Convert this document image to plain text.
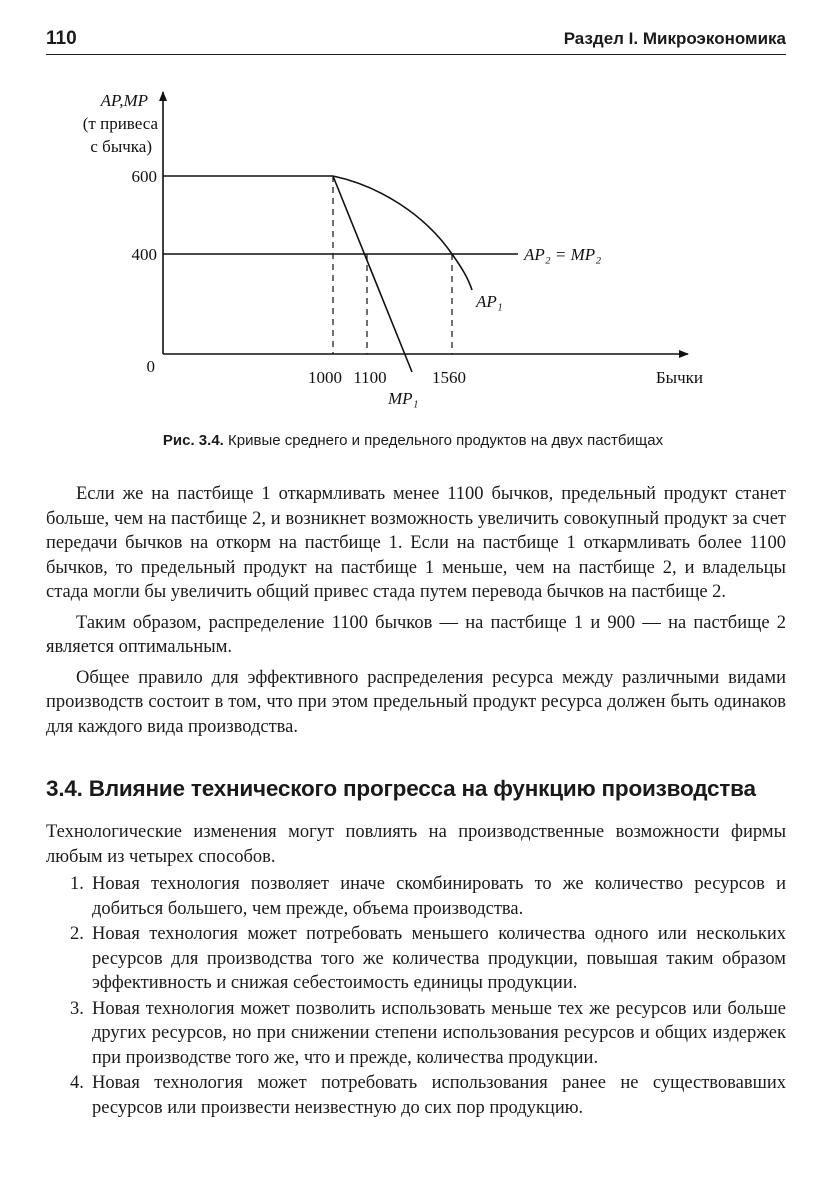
110	Раздел I. Микроэкономика
AP,MP
(т привеса
с бычка)
600
400
0
1000 1100	1560	Бычки
AP₂ = MP₂
AP₁
MP₁
Рис. 3.4. Кривые среднего и предельного продуктов на двух пастбищах

Если же на пастбище 1 откармливать менее 1100 бычков, предельный продукт станет больше, чем на пастбище 2, и возникнет возможность увеличить совокупный продукт за счет передачи бычков на откорм на пастбище 1. Если на пастбище 1 откармливать более 1100 бычков, то предельный продукт на пастбище 1 меньше, чем на пастбище 2, и владельцы стада могли бы увеличить общий привес стада путем перевода бычков на пастбище 2.

Таким образом, распределение 1100 бычков — на пастбище 1 и 900 — на пастбище 2 является оптимальным.

Общее правило для эффективного распределения ресурса между различными видами производств состоит в том, что при этом предельный продукт ресурса должен быть одинаков для каждого вида производства.

3.4. Влияние технического прогресса на функцию производства

Технологические изменения могут повлиять на производственные возможности фирмы любым из четырех способов.

1. Новая технология позволяет иначе скомбинировать то же количество ресурсов и добиться большего, чем прежде, объема производства.
2. Новая технология может потребовать меньшего количества одного или нескольких ресурсов для производства того же количества продукции, повышая таким образом эффективность и снижая себестоимость единицы продукции.
3. Новая технология может позволить использовать меньше тех же ресурсов или больше других ресурсов, но при снижении степени использования ресурсов и общих издержек при производстве того же, что и прежде, количества продукции.
4. Новая технология может потребовать использования ранее не существовавших ресурсов или произвести неизвестную до сих пор продукцию.
